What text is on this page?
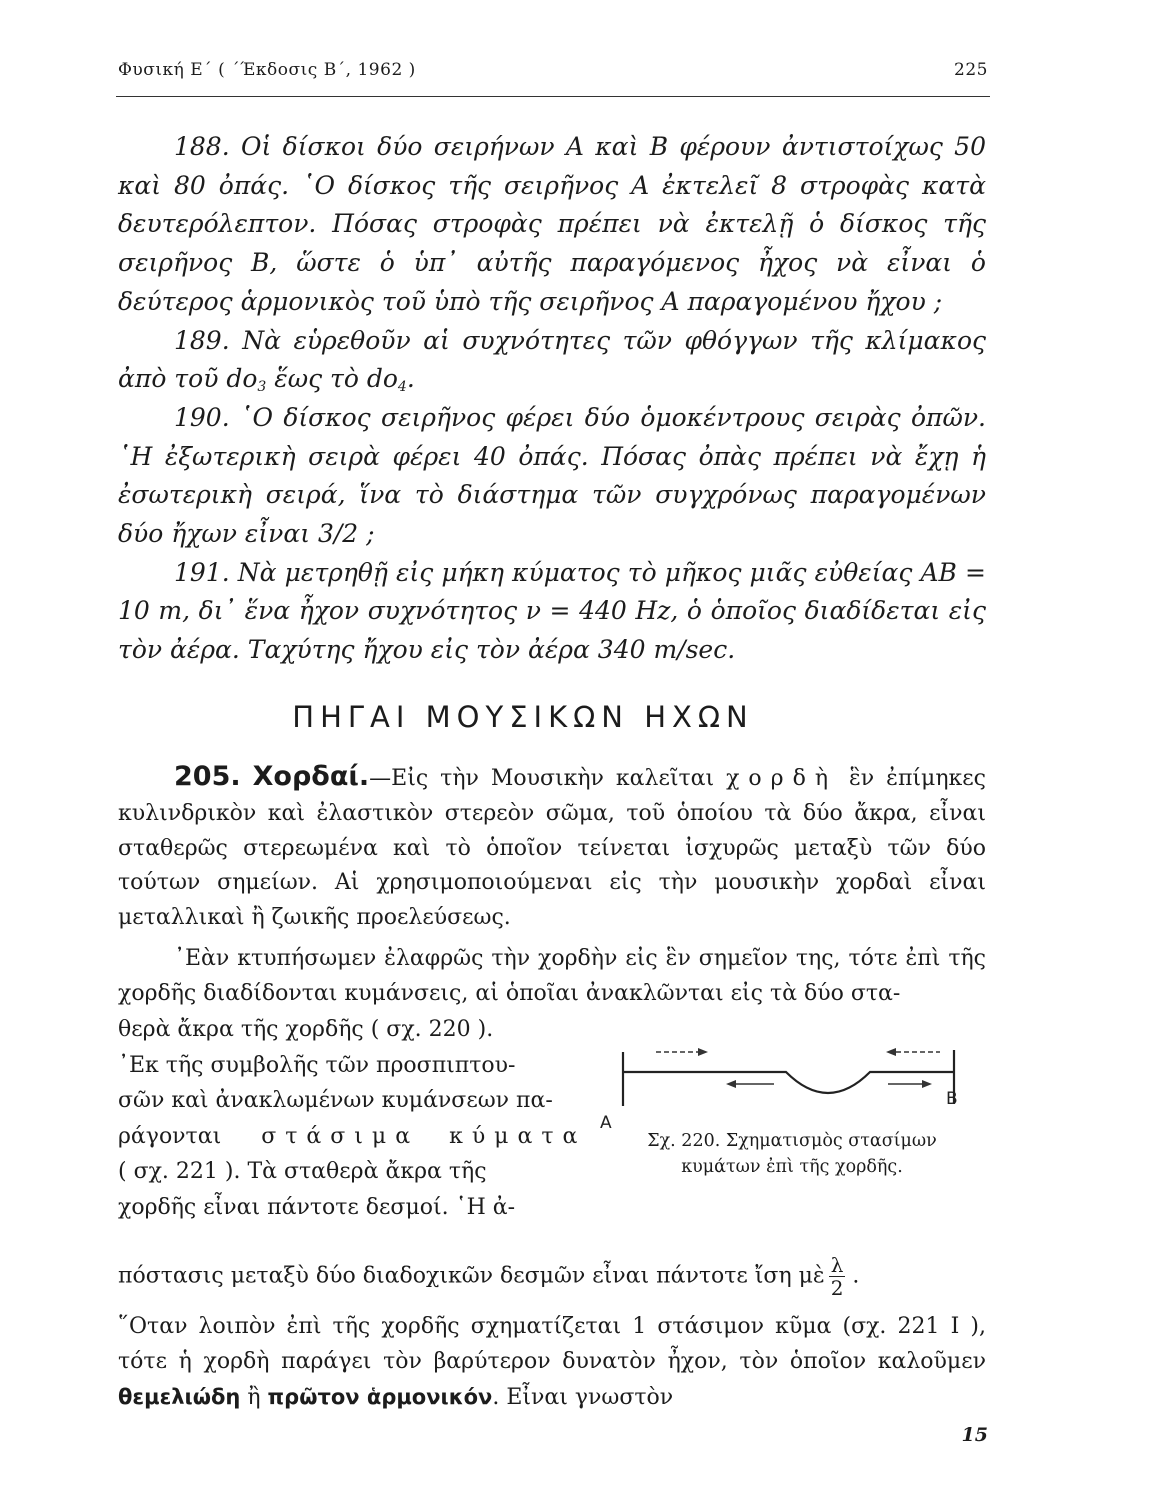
Φυσική Ε΄ ( ΄Έκδοσις Β΄, 1962 )	225

188. Οἱ δίσκοι δύο σειρήνων Α καὶ Β φέρουν ἀντιστοίχως 50 καὶ 80 ὀπάς. ῾Ο δίσκος τῆς σειρῆνος Α ἐκτελεῖ 8 στροφὰς κατὰ δευτερόλεπτον. Πόσας στροφὰς πρέπει νὰ ἐκτελῇ ὁ δίσκος τῆς σειρῆνος Β, ὥστε ὁ ὑπ᾽ αὐτῆς παραγόμενος ἦχος νὰ εἶναι ὁ δεύτερος ἁρμονικὸς τοῦ ὑπὸ τῆς σειρῆνος Α παραγομένου ἤχου ;

189. Νὰ εὑρεθοῦν αἱ συχνότητες τῶν φθόγγων τῆς κλίμακος ἀπὸ τοῦ $do_3$ ἕως τὸ $do_4$.

190. ῾Ο δίσκος σειρῆνος φέρει δύο ὁμοκέντρους σειρὰς ὀπῶν. ῾Η ἐξωτερικὴ σειρὰ φέρει 40 ὀπάς. Πόσας ὀπὰς πρέπει νὰ ἔχῃ ἡ ἐσωτερικὴ σειρά, ἵνα τὸ διάστημα τῶν συγχρόνως παραγομένων δύο ἤχων εἶναι 3/2 ;

191. Νὰ μετρηθῇ εἰς μήκη κύματος τὸ μῆκος μιᾶς εὐθείας ΑΒ = 10 m, δι᾽ ἕνα ἦχον συχνότητος ν = 440 Hz, ὁ ὁποῖος διαδίδεται εἰς τὸν ἀέρα. Ταχύτης ἤχου εἰς τὸν ἀέρα 340 m/sec.

ΠΗΓΑΙ ΜΟΥΣΙΚΩΝ ΗΧΩΝ

205. Χορδαί.—Εἰς τὴν Μουσικὴν καλεῖται χορδὴ ἓν ἐπίμηκες κυλινδρικὸν καὶ ἐλαστικὸν στερεὸν σῶμα, τοῦ ὁποίου τὰ δύο ἄκρα, εἶναι σταθερῶς στερεωμένα καὶ τὸ ὁποῖον τείνεται ἰσχυρῶς μεταξὺ τῶν δύο τούτων σημείων. Αἱ χρησιμοποιούμεναι εἰς τὴν μουσικὴν χορδαὶ εἶναι μεταλλικαὶ ἢ ζωικῆς προελεύσεως.

᾽Εὰν κτυπήσωμεν ἐλαφρῶς τὴν χορδὴν εἰς ἓν σημεῖον της, τότε ἐπὶ τῆς χορδῆς διαδίδονται κυμάνσεις, αἱ ὁποῖαι ἀνακλῶνται εἰς τὰ δύο στα-

θερὰ ἄκρα τῆς χορδῆς ( σχ. 220 ).
᾽Εκ τῆς συμβολῆς τῶν προσπιπτου-
σῶν καὶ ἀνακλωμένων κυμάνσεων πα-
ράγονται στάσιμα κύματα
( σχ. 221 ). Τὰ σταθερὰ ἄκρα τῆς
χορδῆς εἶναι πάντοτε δεσμοί. ῾Η ἀ-
A
B
Σχ. 220. Σχηματισμὸς στασίμων
κυμάτων ἐπὶ τῆς χορδῆς.

πόστασις μεταξὺ δύο διαδοχικῶν δεσμῶν εἶναι πάντοτε ἴση μὲ $\frac{\lambda}{2}$ .

῞Οταν λοιπὸν ἐπὶ τῆς χορδῆς σχηματίζεται 1 στάσιμον κῦμα (σχ. 221 Ι ), τότε ἡ χορδὴ παράγει τὸν βαρύτερον δυνατὸν ἦχον, τὸν ὁποῖον καλοῦμεν θεμελιώδη ἢ πρῶτον ἁρμονικόν. Εἶναι γνωστὸν

15
